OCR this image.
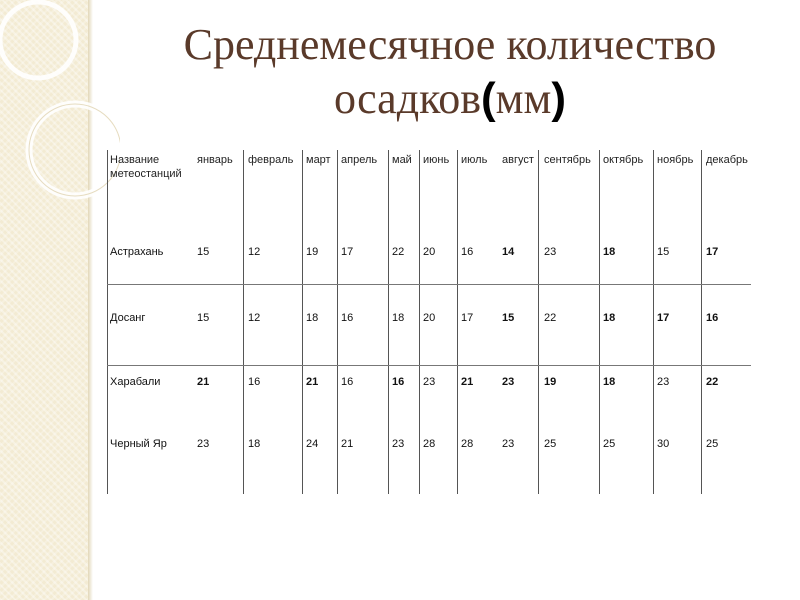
Среднемесячное количество
осадков(мм)
Название
метеостанций
январь февраль март апрель май июнь июль август сентябрь октябрь ноябрь декабрь
Астрахань	15	12	19 17	22 20 16	14	23	18	15	17
Досанг	15	12	18 16	18 20 17	15	22	18	17	16
Харабали	21	16	21 16	16 23 21	23	19	18	23	22
Черный Яр	23	18	24 21	23 28 28	23	25	25	30	25
